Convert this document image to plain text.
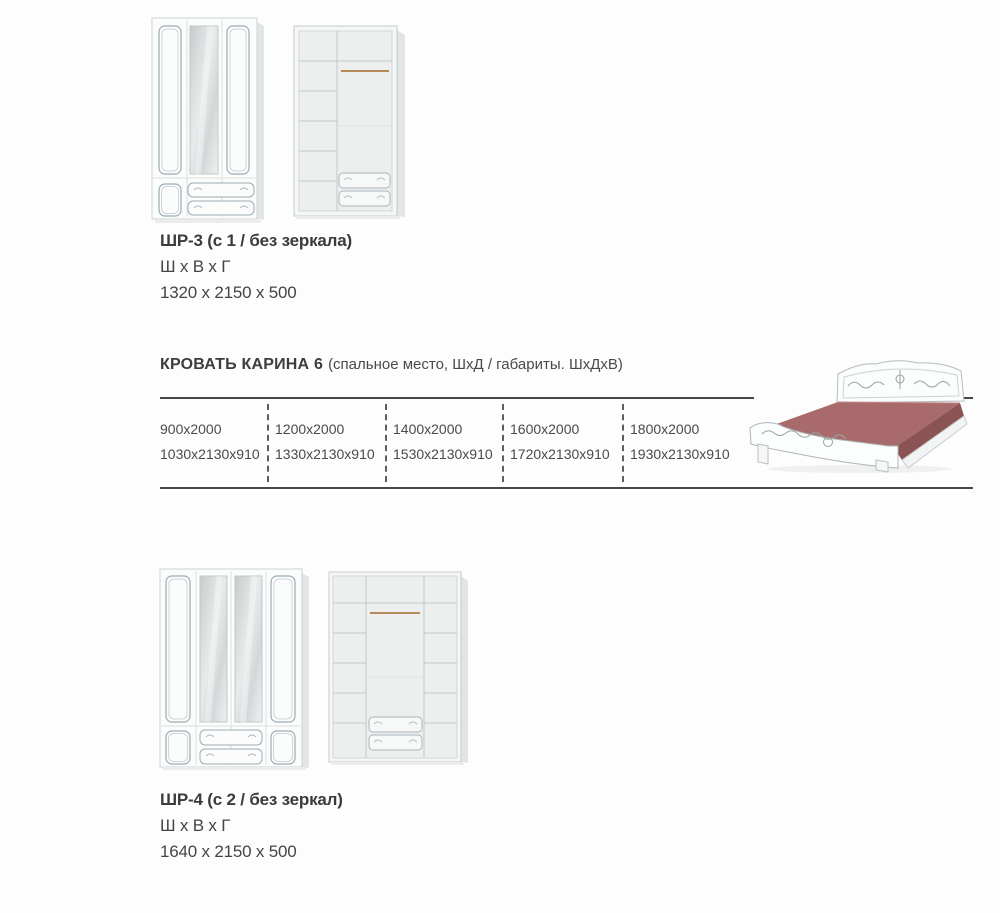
ШР-3 (с 1 / без зеркала)
Ш х В х Г
1320 х 2150 х 500
КРОВАТЬ КАРИНА 6 (спальное место, ШхД / габариты. ШхДхВ)
900х2000
1030х2130х910
1200х2000
1330х2130х910
1400х2000
1530х2130х910
1600х2000
1720х2130х910
1800х2000
1930х2130х910
ШР-4 (с 2 / без зеркал)
Ш х В х Г
1640 х 2150 х 500
